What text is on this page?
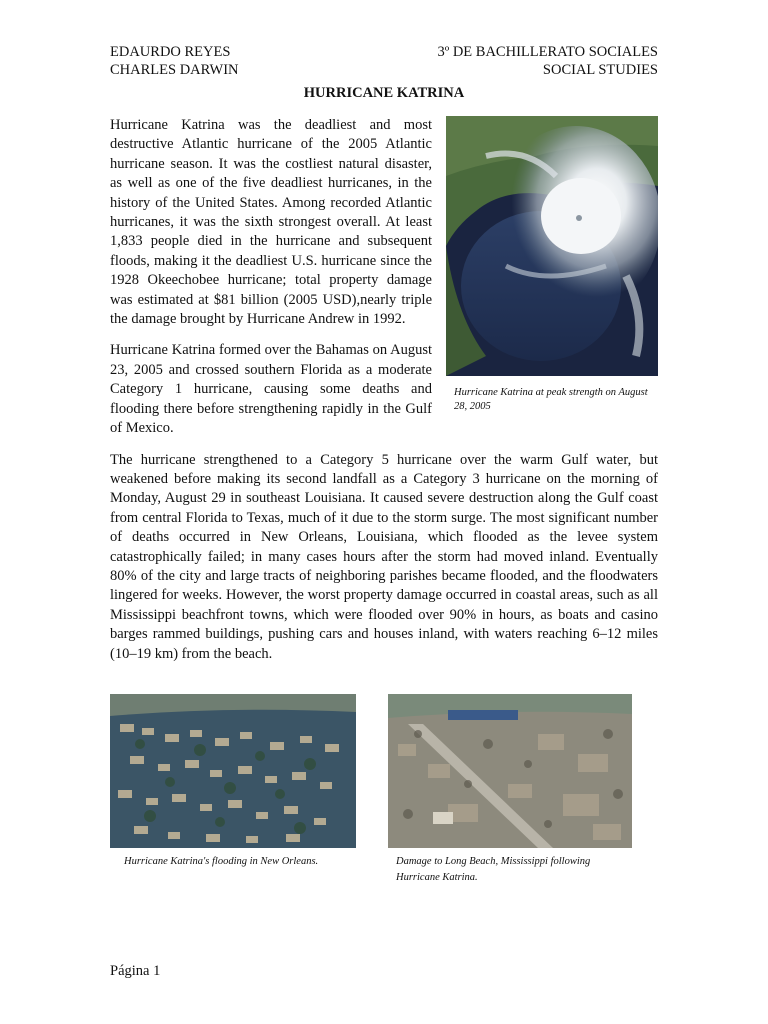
EDAURDO REYES
CHARLES DARWIN
3º DE BACHILLERATO SOCIALES
SOCIAL STUDIES
HURRICANE KATRINA
Hurricane Katrina at peak strength on August 28, 2005

Hurricane Katrina was the deadliest and most destructive Atlantic hurricane of the 2005 Atlantic hurricane season. It was the costliest natural disaster, as well as one of the five deadliest hurricanes, in the history of the United States. Among recorded Atlantic hurricanes, it was the sixth strongest overall. At least 1,833 people died in the hurricane and subsequent floods, making it the deadliest U.S. hurricane since the 1928 Okeechobee hurricane; total property damage was estimated at $81 billion (2005 USD),nearly triple the damage brought by Hurricane Andrew in 1992.

Hurricane Katrina formed over the Bahamas on August 23, 2005 and crossed southern Florida as a moderate Category 1 hurricane, causing some deaths and flooding there before strengthening rapidly in the Gulf of Mexico.

The hurricane strengthened to a Category 5 hurricane over the warm Gulf water, but weakened before making its second landfall as a Category 3 hurricane on the morning of Monday, August 29 in southeast Louisiana. It caused severe destruction along the Gulf coast from central Florida to Texas, much of it due to the storm surge. The most significant number of deaths occurred in New Orleans, Louisiana, which flooded as the levee system catastrophically failed; in many cases hours after the storm had moved inland. Eventually 80% of the city and large tracts of neighboring parishes became flooded, and the floodwaters lingered for weeks. However, the worst property damage occurred in coastal areas, such as all Mississippi beachfront towns, which were flooded over 90% in hours, as boats and casino barges rammed buildings, pushing cars and houses inland, with waters reaching 6–12 miles (10–19 km) from the beach.

Hurricane Katrina's flooding in New Orleans.	Damage to Long Beach, Mississippi following Hurricane Katrina.
Página 1
